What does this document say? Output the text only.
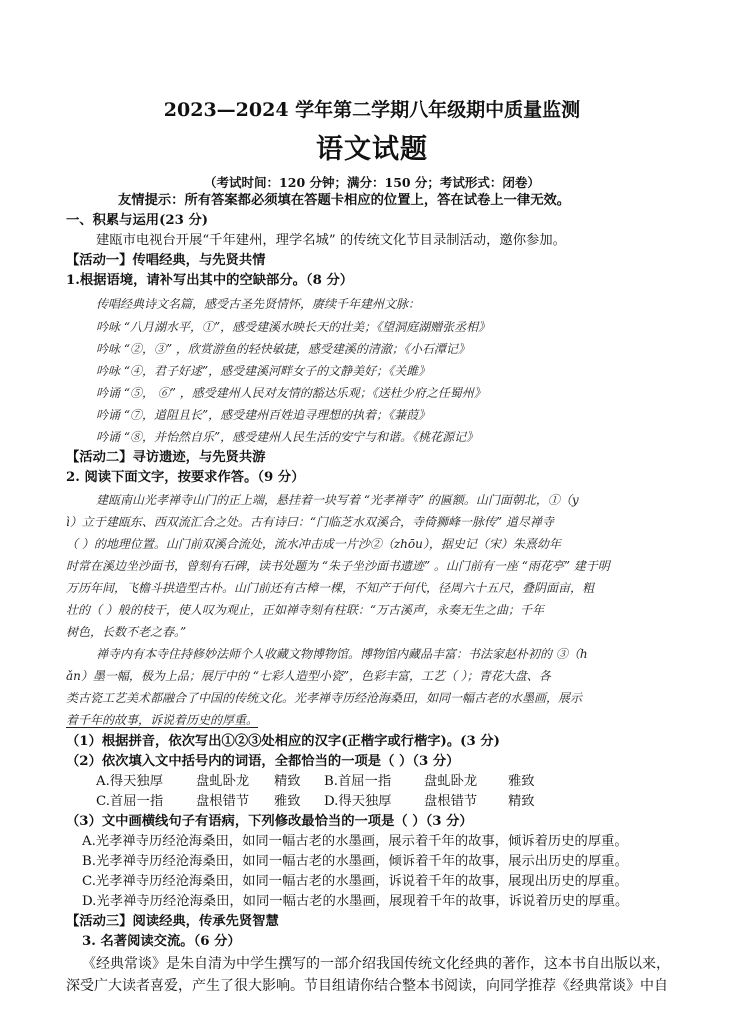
2023—2024 学年第二学期八年级期中质量监测
语文试题
（考试时间：120 分钟；满分：150 分；考试形式：闭卷）
友情提示：所有答案都必须填在答题卡相应的位置上，答在试卷上一律无效。
一、积累与运用(23 分)
建瓯市电视台开展“千年建州，理学名城” 的传统文化节目录制活动，邀你参加。
【活动一】传唱经典，与先贤共情
1.根据语境，请补写出其中的空缺部分。（8 分）
传唱经典诗文名篇，感受古圣先贤情怀，赓续千年建州文脉：
吟咏 “八月湖水平，①”，感受建溪水映长天的壮美；《望洞庭湖赠张丞相》
吟咏 “②，③” ，欣赏游鱼的轻快敏捷，感受建溪的清澈；《小石潭记》
吟咏 “④，君子好逑”，感受建溪河畔女子的文静美好；《关雎》
吟诵 “⑤， ⑥” ，感受建州人民对友情的豁达乐观；《送杜少府之任蜀州》
吟诵 “⑦，道阻且长”，感受建州百姓追寻理想的执着；《蒹葭》
吟诵 “⑧，并怡然自乐”，感受建州人民生活的安宁与和谐。《桃花源记》
【活动二】寻访遗迹，与先贤共游
2. 阅读下面文字，按要求作答。（9 分）
建瓯南山光孝禅寺山门的正上端，悬挂着一块写着 “光孝禅寺” 的匾额。山门面朝北，①（y
ì）立于建瓯东、西双流汇合之处。古有诗曰：“门临芝水双溪合，寺倚狮峰一脉传” 道尽禅寺
（ ）的地理位置。山门前双溪合流处，流水冲击成一片沙②（zhōu），据史记（宋）朱熹幼年
时常在溪边坐沙面书，曾刻有石碑，读书处题为 “朱子坐沙面书遗迹” 。山门前有一座 “雨花亭” 建于明
万历年间，飞檐斗拱造型古朴。山门前还有古樟一棵，不知产于何代，径周六十五尺，叠阴面亩，粗
壮的（ ）般的枝干，使人叹为观止，正如禅寺刻有柱联：“万古溪声，永奏无生之曲；千年
树色，长数不老之春。”
禅寺内有本寺住持修妙法师个人收藏文物博物馆。博物馆内藏品丰富：书法家赵朴初的 ③（h
ǎn）墨一幅，极为上品；展厅中的 “七彩人造型小瓷”，色彩丰富，工艺（ ）；青花大盘、各
类古瓷工艺美术都融合了中国的传统文化。光孝禅寺历经沧海桑田，如同一幅古老的水墨画，展示
着千年的故事，诉说着历史的厚重。
（1）根据拼音，依次写出①②③处相应的汉字(正楷字或行楷字)。(3 分)
（2）依次填入文中括号内的词语，全都恰当的一项是（ ）（3 分）
A.得天独厚 盘虬卧龙 精致 B.首屈一指 盘虬卧龙 雅致
C.首屈一指 盘根错节 雅致 D.得天独厚 盘根错节 精致
（3）文中画横线句子有语病，下列修改最恰当的一项是（ ）（3 分）
A.光孝禅寺历经沧海桑田，如同一幅古老的水墨画，展示着千年的故事，倾诉着历史的厚重。
B.光孝禅寺历经沧海桑田，如同一幅古老的水墨画，倾诉着千年的故事，展示出历史的厚重。
C.光孝禅寺历经沧海桑田，如同一幅古老的水墨画，诉说着千年的故事，展现出历史的厚重。
D.光孝禅寺历经沧海桑田，如同一幅古老的水墨画，展现着千年的故事，诉说着历史的厚重。
【活动三】阅读经典，传承先贤智慧
3. 名著阅读交流。（6 分）
《经典常谈》是朱自清为中学生撰写的一部介绍我国传统文化经典的著作，这本书自出版以来，
深受广大读者喜爱，产生了很大影响。节目组请你结合整本书阅读，向同学推荐《经典常谈》中自
